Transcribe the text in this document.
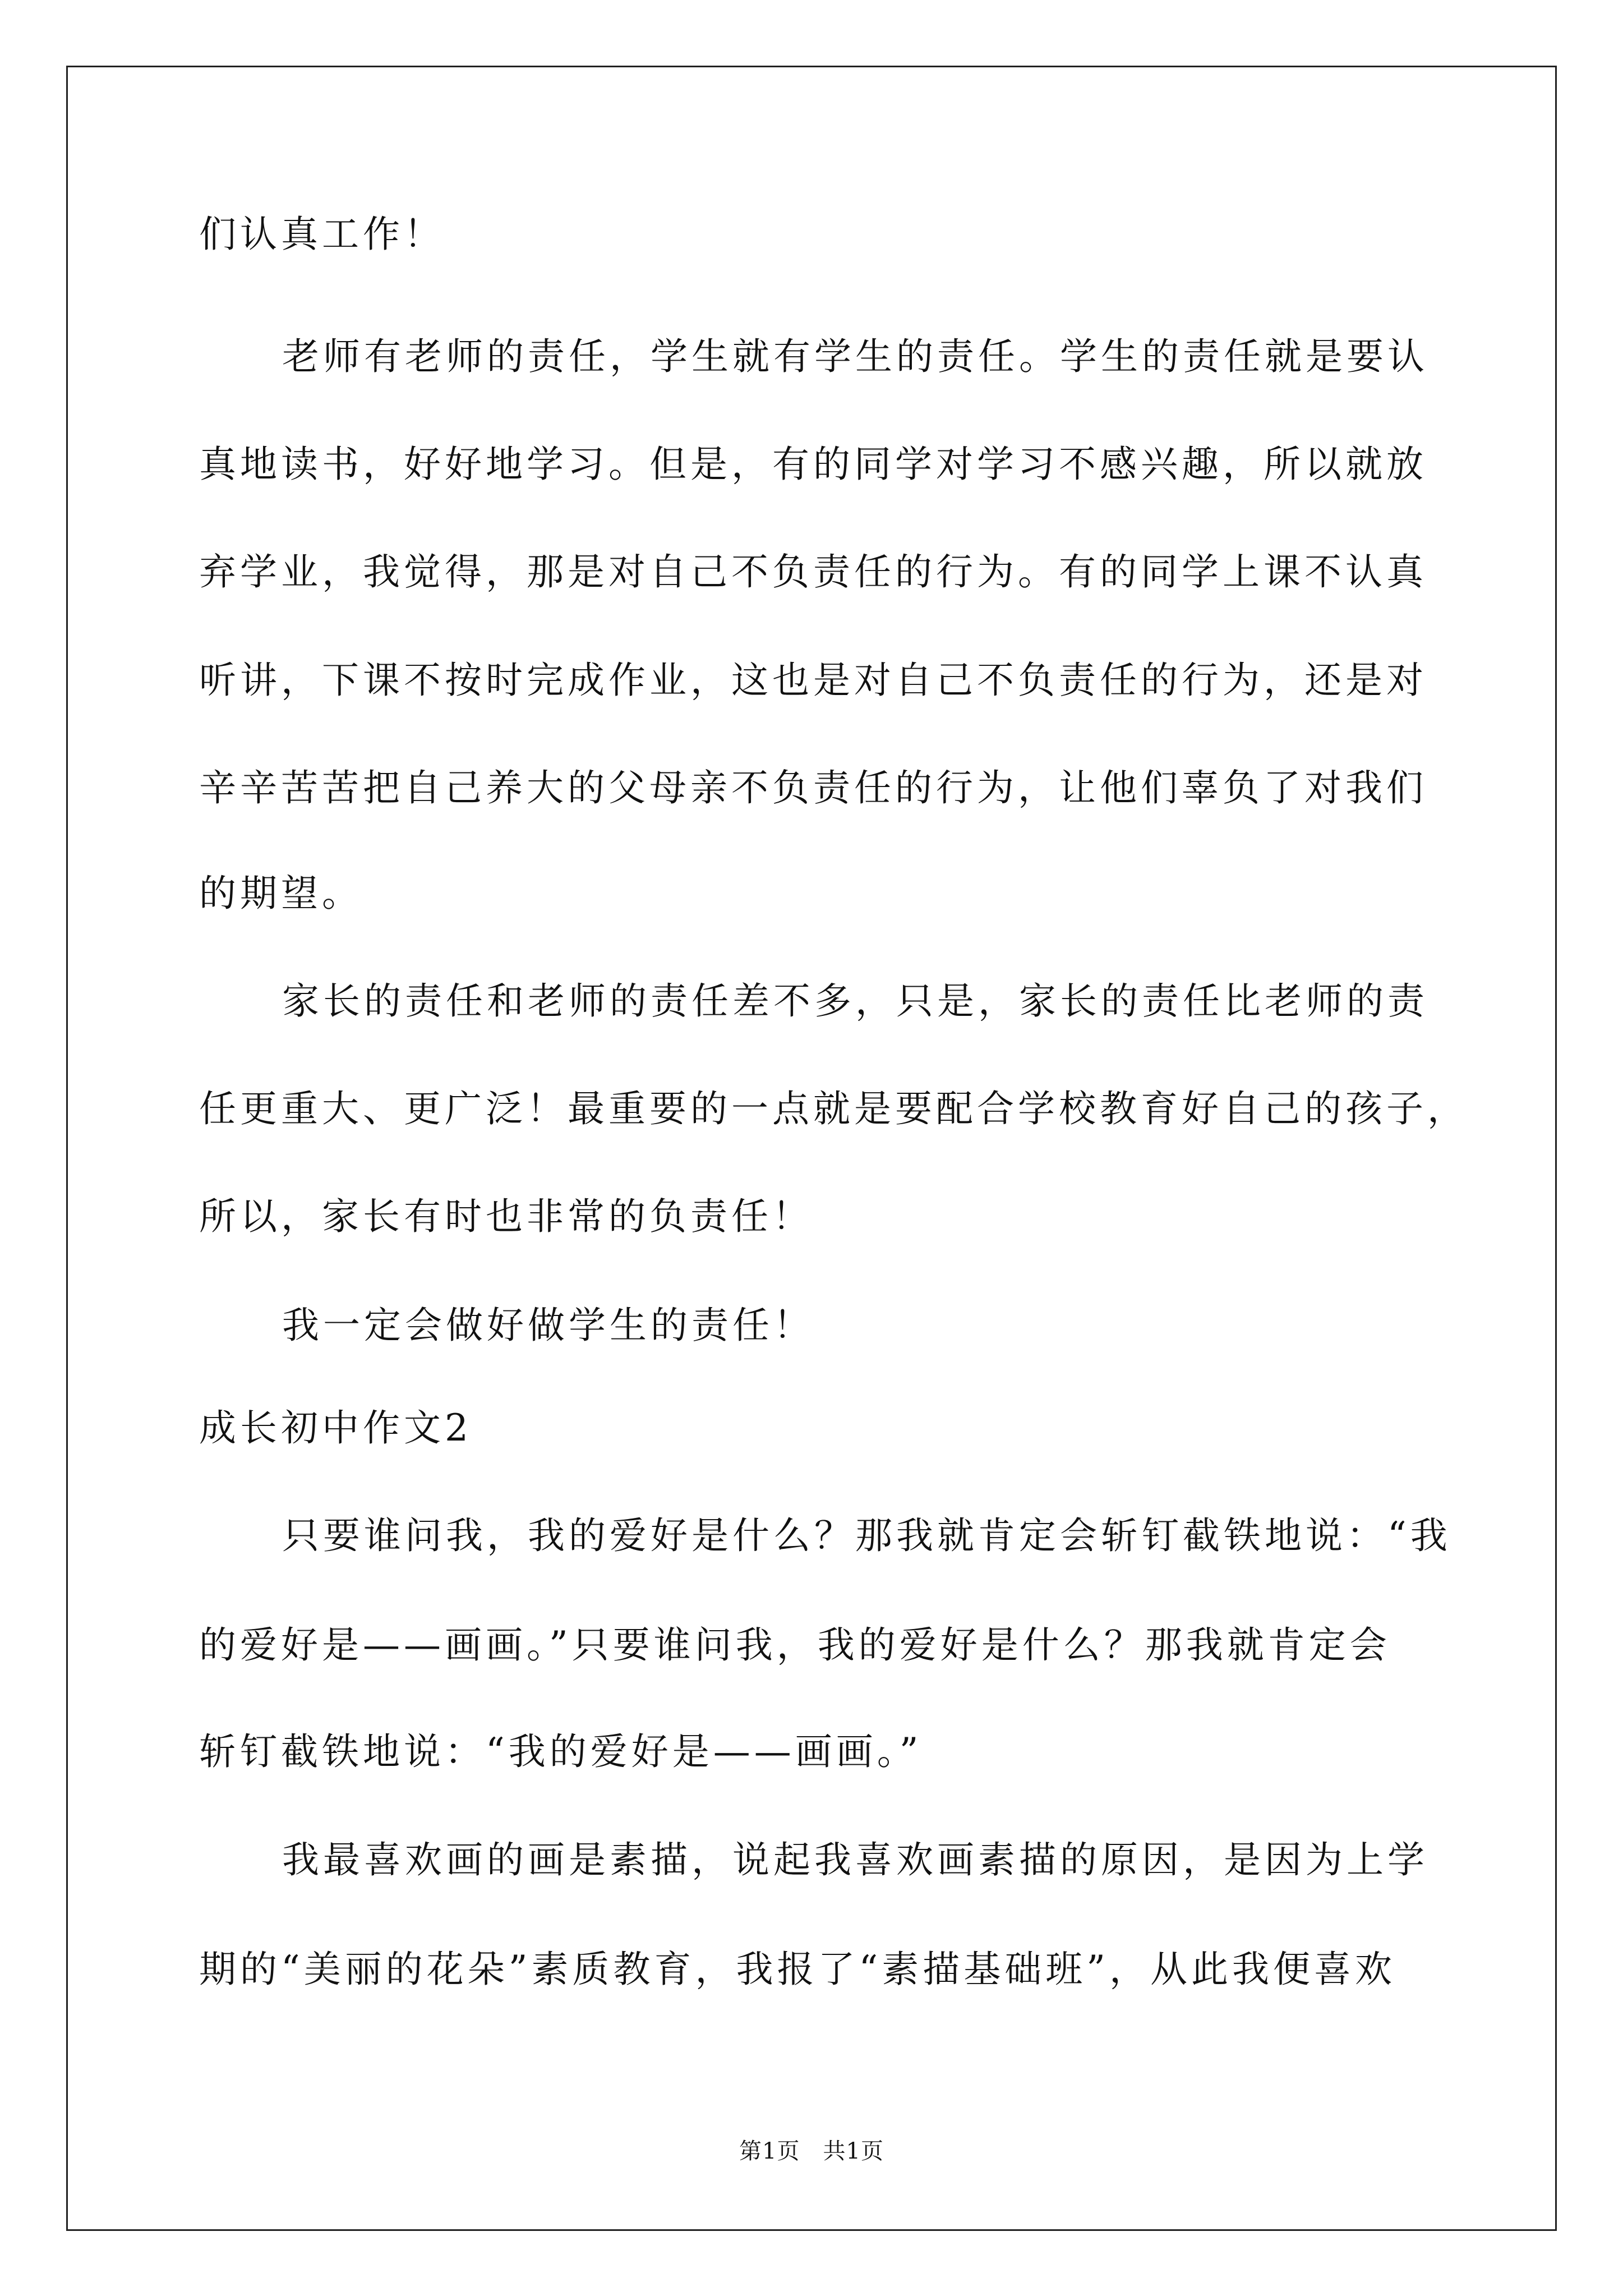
们认真工作！
老师有老师的责任，学生就有学生的责任。学生的责任就是要认
真地读书，好好地学习。但是，有的同学对学习不感兴趣，所以就放
弃学业，我觉得，那是对自己不负责任的行为。有的同学上课不认真
听讲，下课不按时完成作业，这也是对自己不负责任的行为，还是对
辛辛苦苦把自己养大的父母亲不负责任的行为，让他们辜负了对我们
的期望。
家长的责任和老师的责任差不多，只是，家长的责任比老师的责
任更重大、更广泛！最重要的一点就是要配合学校教育好自己的孩子，
所以，家长有时也非常的负责任！
我一定会做好做学生的责任！
成长初中作文2
只要谁问我，我的爱好是什么？那我就肯定会斩钉截铁地说：“我
的爱好是——画画。”只要谁问我，我的爱好是什么？那我就肯定会
斩钉截铁地说：“我的爱好是——画画。”
我最喜欢画的画是素描，说起我喜欢画素描的原因，是因为上学
期的“美丽的花朵”素质教育，我报了“素描基础班”，从此我便喜欢
第1页　共1页
